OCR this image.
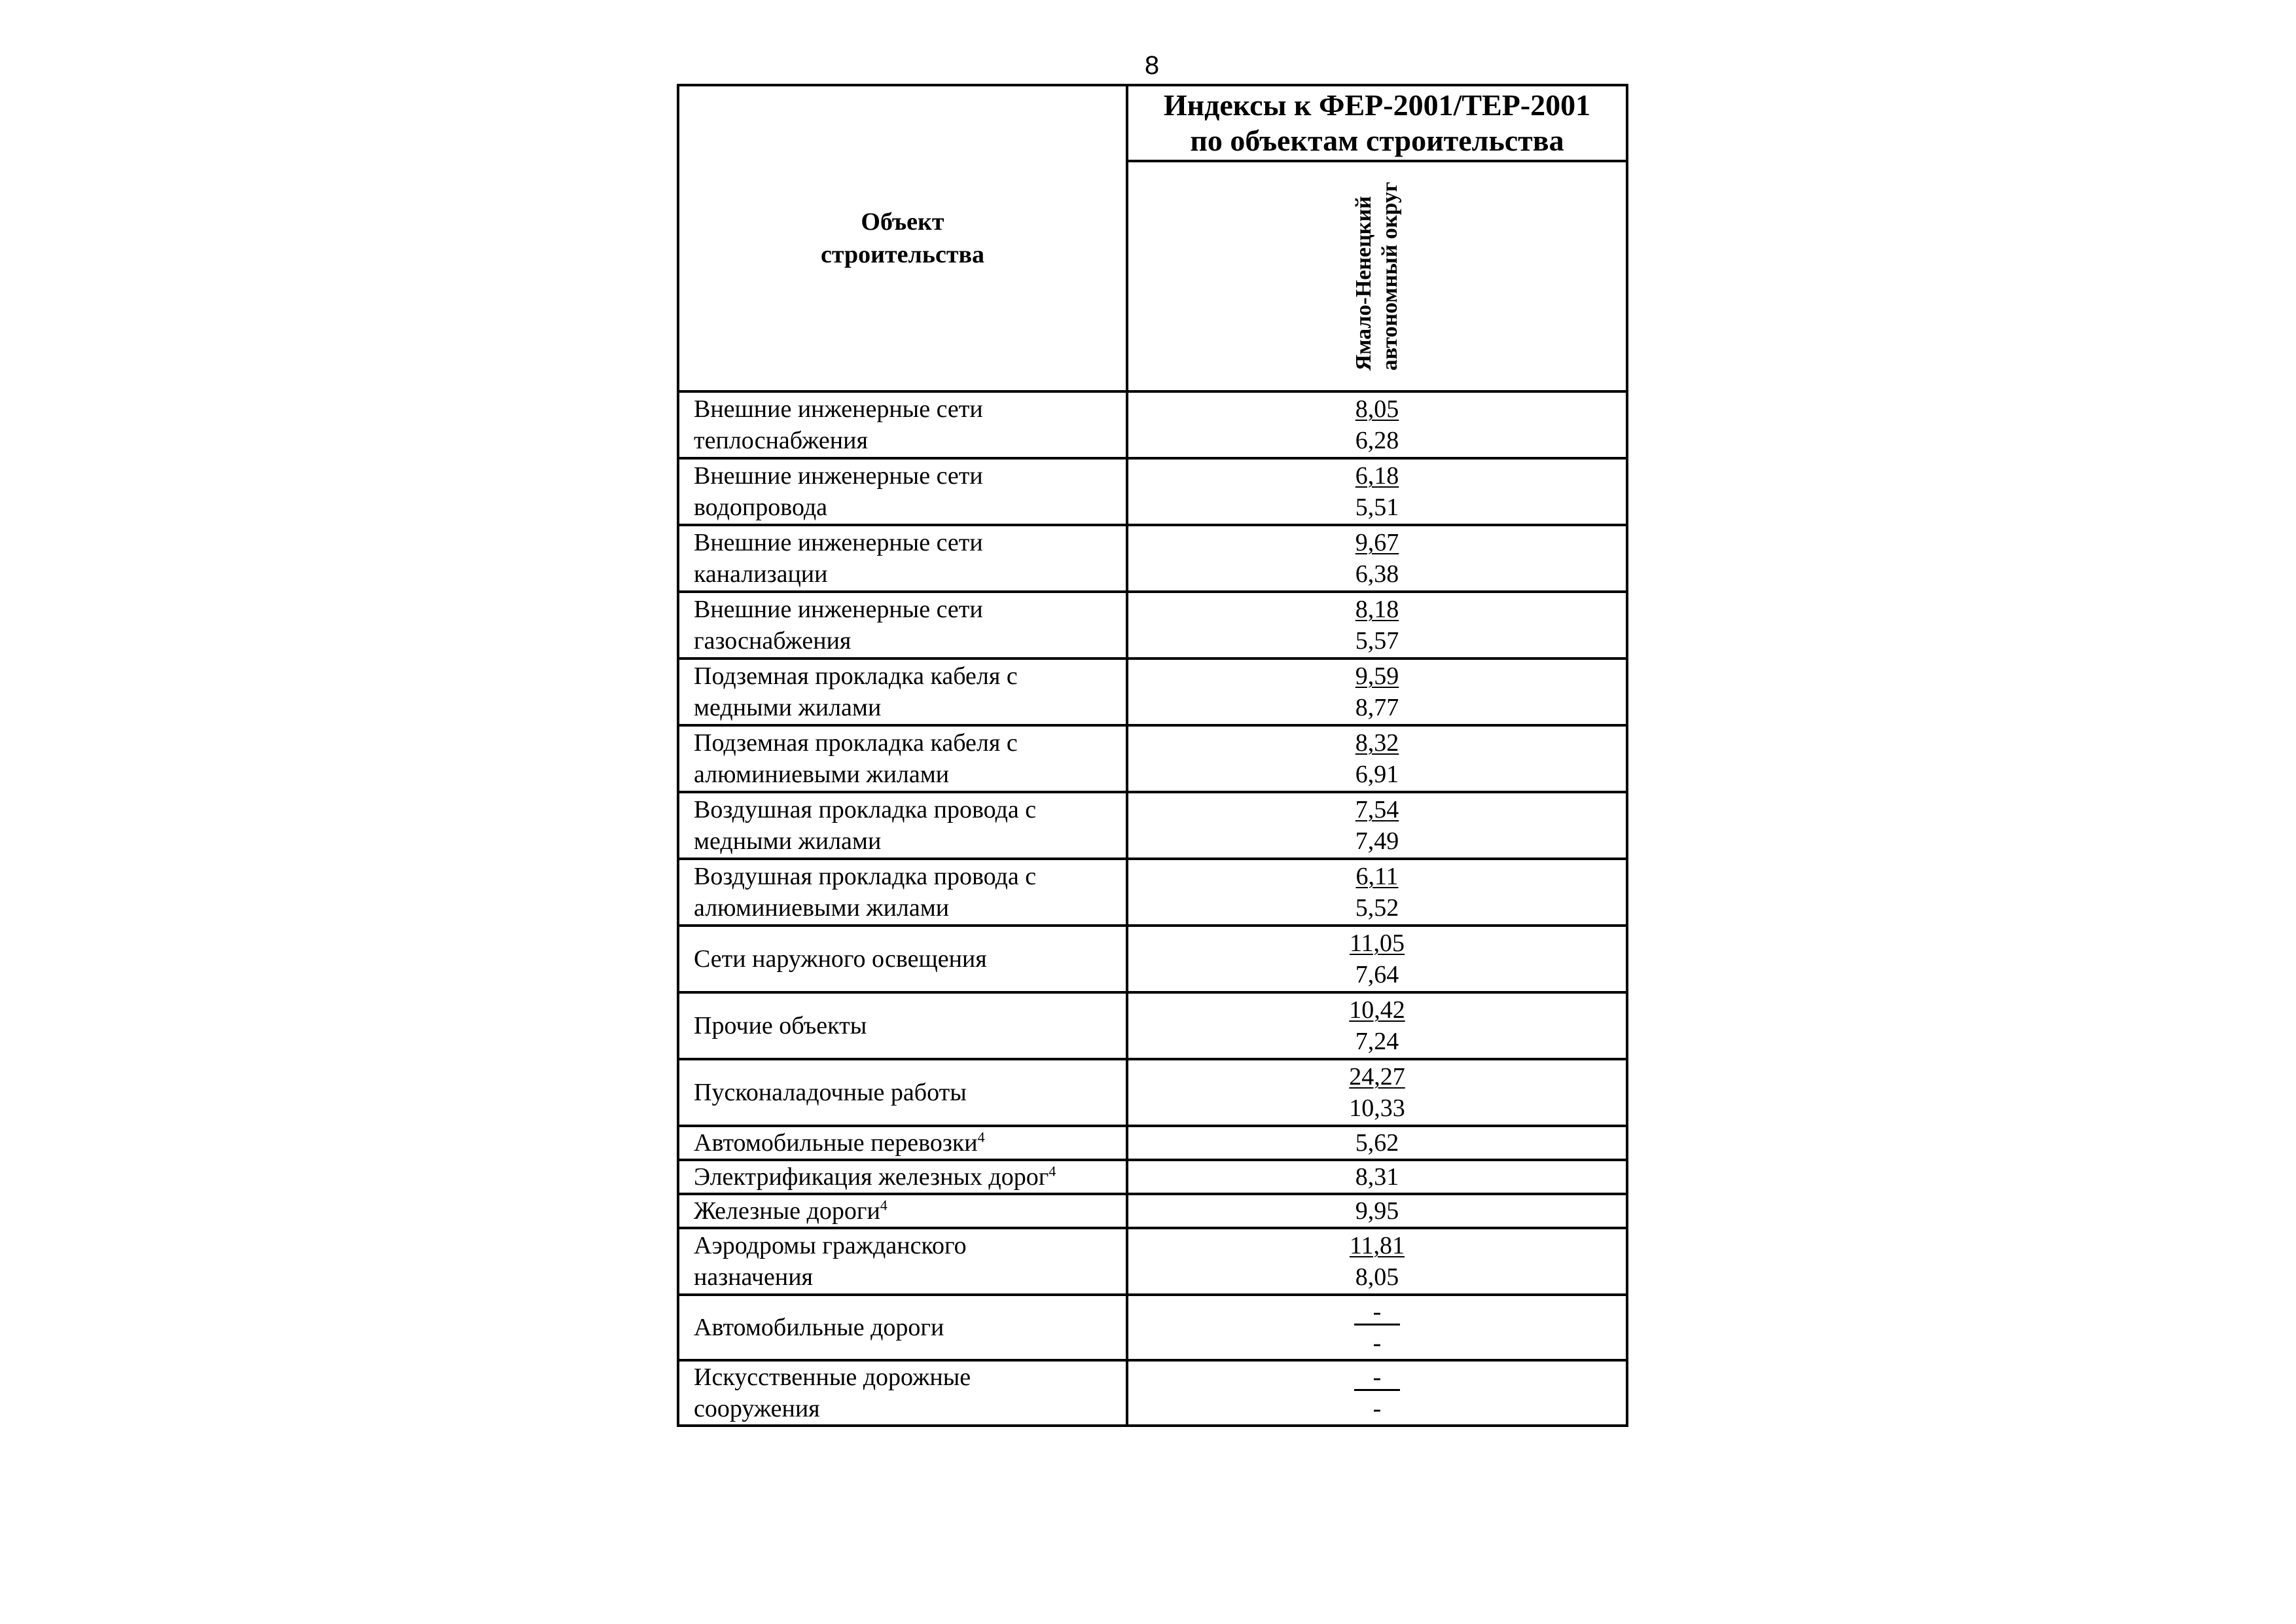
8
Объект
строительства	Индексы к ФЕР-2001/ТЕР-2001
по объектам строительства

	Ямало-Ненецкий автономный округ

Внешние инженерные сети
теплоснабжения	8,05
6,28

Внешние инженерные сети
водопровода	6,18
5,51

Внешние инженерные сети
канализации	9,67
6,38

Внешние инженерные сети
газоснабжения	8,18
5,57

Подземная прокладка кабеля с
медными жилами	9,59
8,77

Подземная прокладка кабеля с
алюминиевыми жилами	8,32
6,91

Воздушная прокладка провода с
медными жилами	7,54
7,49

Воздушная прокладка провода с
алюминиевыми жилами	6,11
5,52

Сети наружного освещения	11,05
7,64

Прочие объекты	10,42
7,24

Пусконаладочные работы	24,27
10,33

Автомобильные перевозки$^4$	5,62

Электрификация железных дорог$^4$	8,31

Железные дороги$^4$	9,95

Аэродромы гражданского
назначения	11,81
8,05

Автомобильные дороги	-
-

Искусственные дорожные
сооружения	-
-
